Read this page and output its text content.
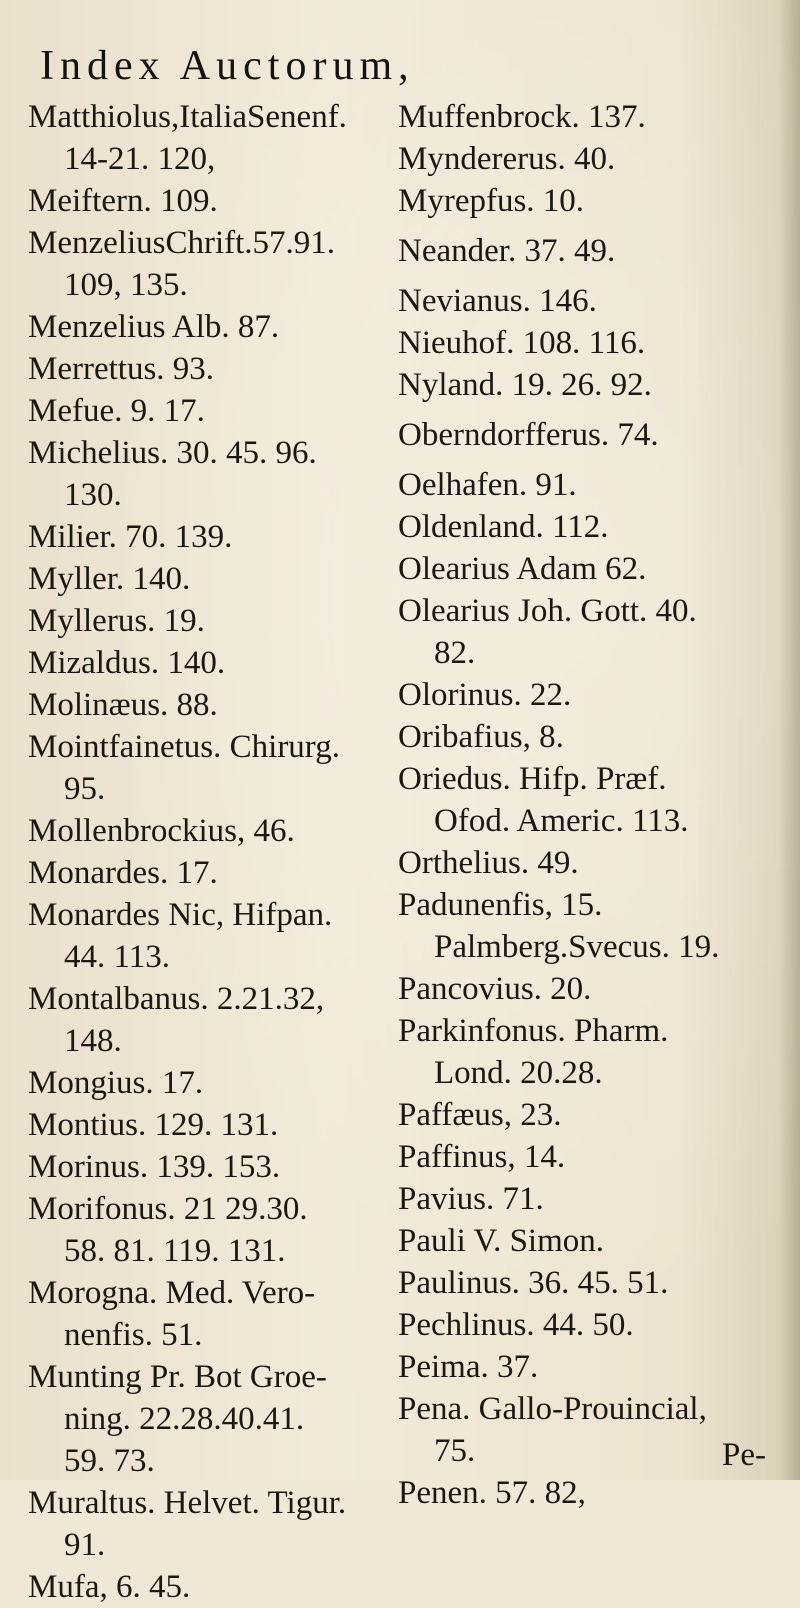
Index Auctorum,
Matthiolus,ItaliaSenenf.
14-21. 120,
Meiftern. 109.
MenzeliusChrift.57.91.
109, 135.
Menzelius Alb. 87.
Merrettus. 93.
Mefue. 9. 17.
Michelius. 30. 45. 96.
130.
Milier. 70. 139.
Myller. 140.
Myllerus. 19.
Mizaldus. 140.
Molinæus. 88.
Mointfainetus. Chirurg.
95.
Mollenbrockius, 46.
Monardes. 17.
Monardes Nic, Hifpan.
44. 113.
Montalbanus. 2.21.32,
148.
Mongius. 17.
Montius. 129. 131.
Morinus. 139. 153.
Morifonus. 21 29.30.
58. 81. 119. 131.
Morogna. Med. Vero-
nenfis. 51.
Munting Pr. Bot Groe-
ning. 22.28.40.41.
59. 73.
Muraltus. Helvet. Tigur.
91.
Mufa, 6. 45.
Muffenbrock. 137.
Myndererus. 40.
Myrepfus. 10.
Neander. 37. 49.
Nevianus. 146.
Nieuhof. 108. 116.
Nyland. 19. 26. 92.
Oberndorfferus. 74.
Oelhafen. 91.
Oldenland. 112.
Olearius Adam 62.
Olearius Joh. Gott. 40.
82.
Olorinus. 22.
Oribafius, 8.
Oriedus. Hifp. Præf.
Ofod. Americ. 113.
Orthelius. 49.
Padunenfis, 15.
Palmberg.Svecus. 19.
Pancovius. 20.
Parkinfonus. Pharm.
Lond. 20.28.
Paffæus, 23.
Paffinus, 14.
Pavius. 71.
Pauli V. Simon.
Paulinus. 36. 45. 51.
Pechlinus. 44. 50.
Peima. 37.
Pena. Gallo-Prouincial,
75.
Penen. 57. 82,
Pe-
